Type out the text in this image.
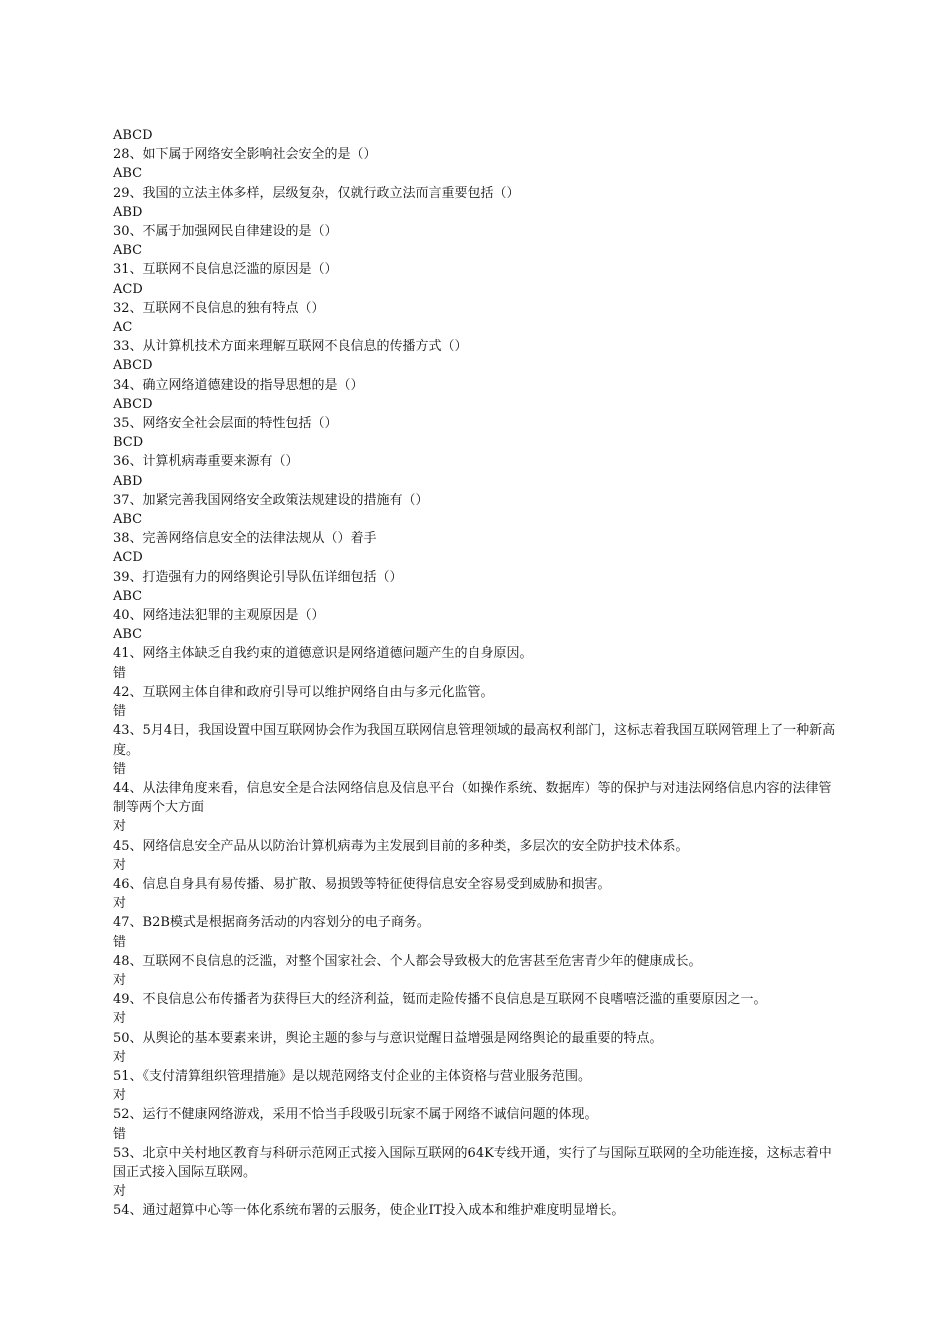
ABCD

28、如下属于网络安全影响社会安全的是（）

ABC

29、我国的立法主体多样，层级复杂，仅就行政立法而言重要包括（）

ABD

30、不属于加强网民自律建设的是（）

ABC

31、互联网不良信息泛滥的原因是（）

ACD

32、互联网不良信息的独有特点（）

AC

33、从计算机技术方面来理解互联网不良信息的传播方式（）

ABCD

34、确立网络道德建设的指导思想的是（）

ABCD

35、网络安全社会层面的特性包括（）

BCD

36、计算机病毒重要来源有（）

ABD

37、加紧完善我国网络安全政策法规建设的措施有（）

ABC

38、完善网络信息安全的法律法规从（）着手

ACD

39、打造强有力的网络舆论引导队伍详细包括（）

ABC

40、网络违法犯罪的主观原因是（）

ABC

41、网络主体缺乏自我约束的道德意识是网络道德问题产生的自身原因。

错

42、互联网主体自律和政府引导可以维护网络自由与多元化监管。

错

43、5月4日，我国设置中国互联网协会作为我国互联网信息管理领域的最高权利部门，这标志着我国互联网管理上了一种新高度。

错

44、从法律角度来看，信息安全是合法网络信息及信息平台（如操作系统、数据库）等的保护与对违法网络信息内容的法律管制等两个大方面

对

45、网络信息安全产品从以防治计算机病毒为主发展到目前的多种类，多层次的安全防护技术体系。

对

46、信息自身具有易传播、易扩散、易损毁等特征使得信息安全容易受到威胁和损害。

对

47、B2B模式是根据商务活动的内容划分的电子商务。

错

48、互联网不良信息的泛滥，对整个国家社会、个人都会导致极大的危害甚至危害青少年的健康成长。

对

49、不良信息公布传播者为获得巨大的经济利益，铤而走险传播不良信息是互联网不良嗜嘻泛滥的重要原因之一。

对

50、从舆论的基本要素来讲，舆论主题的参与与意识觉醒日益增强是网络舆论的最重要的特点。

对

51、《支付清算组织管理措施》是以规范网络支付企业的主体资格与营业服务范围。

对

52、运行不健康网络游戏，采用不恰当手段吸引玩家不属于网络不诚信问题的体现。

错

53、北京中关村地区教育与科研示范网正式接入国际互联网的64K专线开通，实行了与国际互联网的全功能连接，这标志着中国正式接入国际互联网。

对

54、通过超算中心等一体化系统布署的云服务，使企业IT投入成本和维护难度明显增长。
